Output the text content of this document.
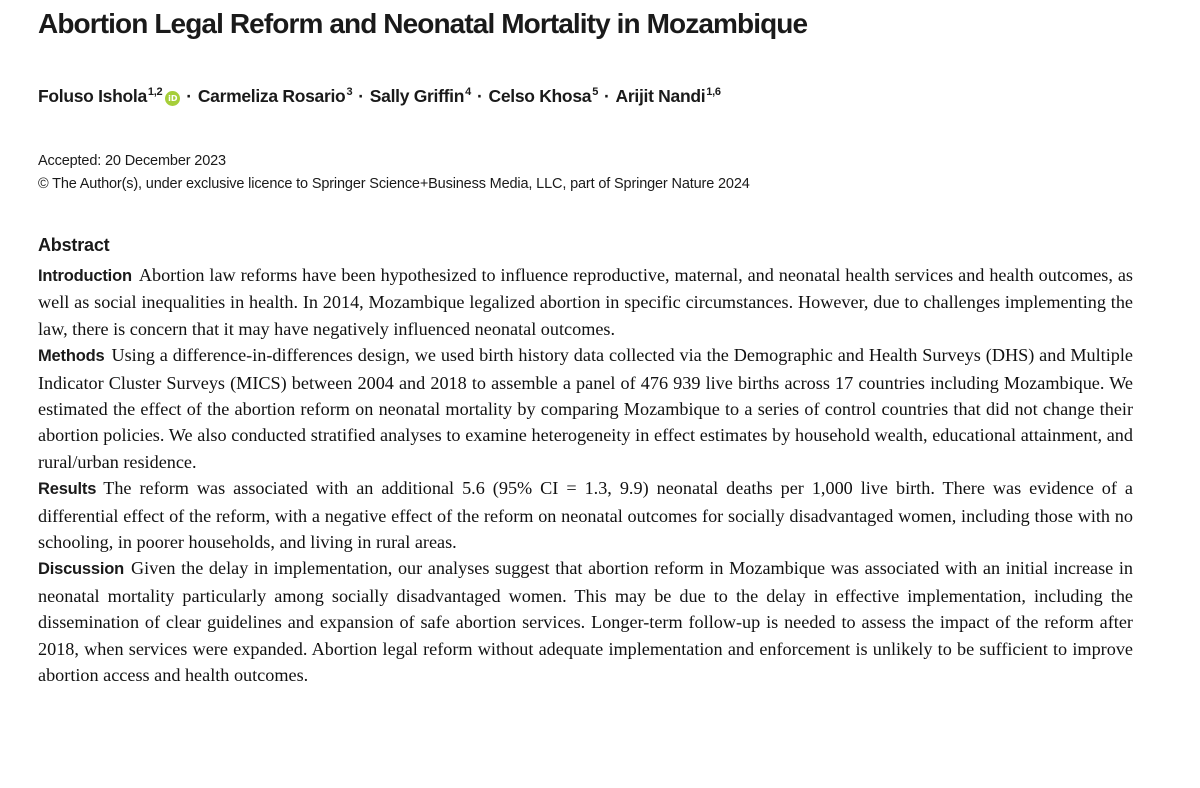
Abortion Legal Reform and Neonatal Mortality in Mozambique
Foluso Ishola$^{1,2}$iD · Carmeliza Rosario$^3$ · Sally Griffin$^4$ · Celso Khosa$^5$ · Arijit Nandi$^{1,6}$
Accepted: 20 December 2023
© The Author(s), under exclusive licence to Springer Science+Business Media, LLC, part of Springer Nature 2024
Abstract

Introduction Abortion law reforms have been hypothesized to influence reproductive, maternal, and neonatal health services and health outcomes, as well as social inequalities in health. In 2014, Mozambique legalized abortion in specific circumstances. However, due to challenges implementing the law, there is concern that it may have negatively influenced neonatal outcomes.

Methods Using a difference-in-differences design, we used birth history data collected via the Demographic and Health Surveys (DHS) and Multiple Indicator Cluster Surveys (MICS) between 2004 and 2018 to assemble a panel of 476 939 live births across 17 countries including Mozambique. We estimated the effect of the abortion reform on neonatal mortality by comparing Mozambique to a series of control countries that did not change their abortion policies. We also conducted stratified analyses to examine heterogeneity in effect estimates by household wealth, educational attainment, and rural/urban residence.

Results The reform was associated with an additional 5.6 (95% CI = 1.3, 9.9) neonatal deaths per 1,000 live birth. There was evidence of a differential effect of the reform, with a negative effect of the reform on neonatal outcomes for socially disadvantaged women, including those with no schooling, in poorer households, and living in rural areas.

Discussion Given the delay in implementation, our analyses suggest that abortion reform in Mozambique was associated with an initial increase in neonatal mortality particularly among socially disadvantaged women. This may be due to the delay in effective implementation, including the dissemination of clear guidelines and expansion of safe abortion services. Longer-term follow-up is needed to assess the impact of the reform after 2018, when services were expanded. Abortion legal reform without adequate implementation and enforcement is unlikely to be sufficient to improve abortion access and health outcomes.
